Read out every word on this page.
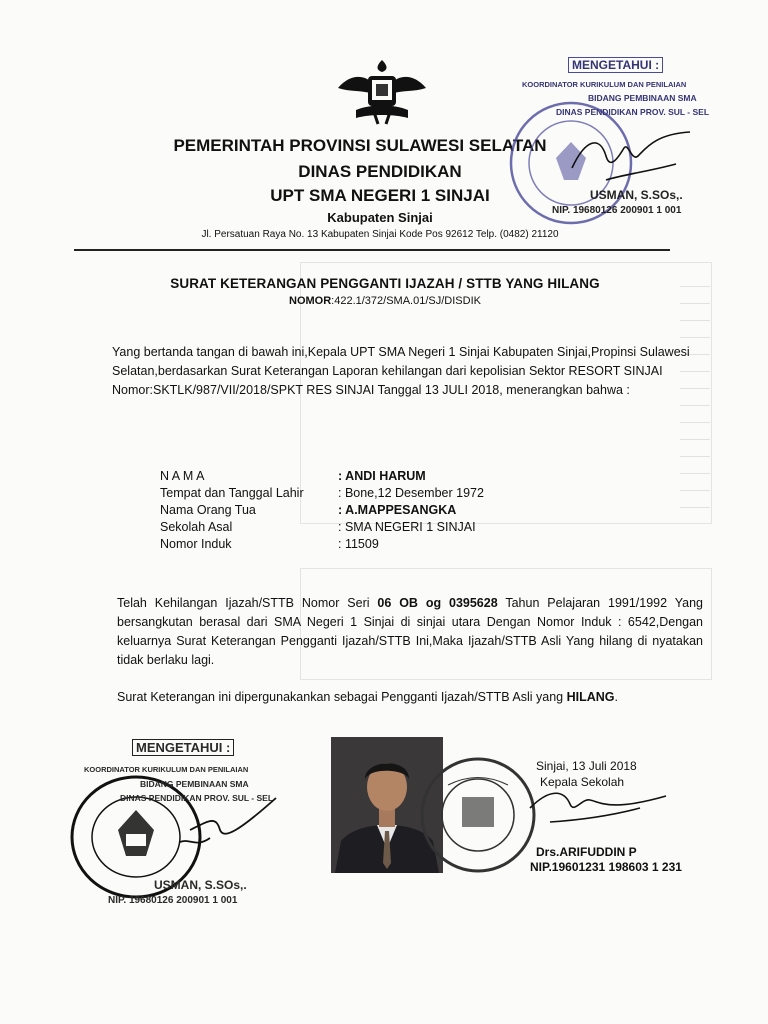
PEMERINTAH PROVINSI SULAWESI SELATAN
DINAS PENDIDIKAN
UPT SMA NEGERI 1 SINJAI
Kabupaten Sinjai
Jl. Persatuan Raya No. 13 Kabupaten Sinjai Kode Pos 92612 Telp. (0482) 21120
MENGETAHUI :
KOORDINATOR KURIKULUM DAN PENILAIAN
BIDANG PEMBINAAN SMA
DINAS PENDIDIKAN PROV. SUL - SEL
USMAN, S.SOs,.
NIP. 19680126 200901 1 001
SURAT KETERANGAN PENGGANTI IJAZAH / STTB YANG HILANG
NOMOR:422.1/372/SMA.01/SJ/DISDIK
Yang bertanda tangan di bawah ini,Kepala UPT SMA Negeri 1 Sinjai Kabupaten Sinjai,Propinsi Sulawesi Selatan,berdasarkan Surat Keterangan Laporan kehilangan dari kepolisian Sektor RESORT SINJAI Nomor:SKTLK/987/VII/2018/SPKT RES SINJAI Tanggal 13 JULI 2018, menerangkan bahwa :
N A M A	: ANDI HARUM
Tempat dan Tanggal Lahir	: Bone,12 Desember 1972
Nama Orang Tua	: A.MAPPESANGKA
Sekolah Asal	: SMA NEGERI 1 SINJAI
Nomor Induk	: 11509
Telah Kehilangan Ijazah/STTB Nomor Seri 06 OB og 0395628 Tahun Pelajaran 1991/1992 Yang bersangkutan berasal dari SMA Negeri 1 Sinjai di sinjai utara Dengan Nomor Induk : 6542,Dengan keluarnya Surat Keterangan Pengganti Ijazah/STTB Ini,Maka Ijazah/STTB Asli Yang hilang di nyatakan tidak berlaku lagi.
Surat Keterangan ini dipergunakankan sebagai Pengganti Ijazah/STTB Asli yang HILANG.
MENGETAHUI :
KOORDINATOR KURIKULUM DAN PENILAIAN
BIDANG PEMBINAAN SMA
DINAS PENDIDIKAN PROV. SUL - SEL
USMAN, S.SOs,.
NIP. 19680126 200901 1 001
Sinjai, 13 Juli 2018
Kepala Sekolah
Drs.ARIFUDDIN P
NIP.19601231 198603 1 231
